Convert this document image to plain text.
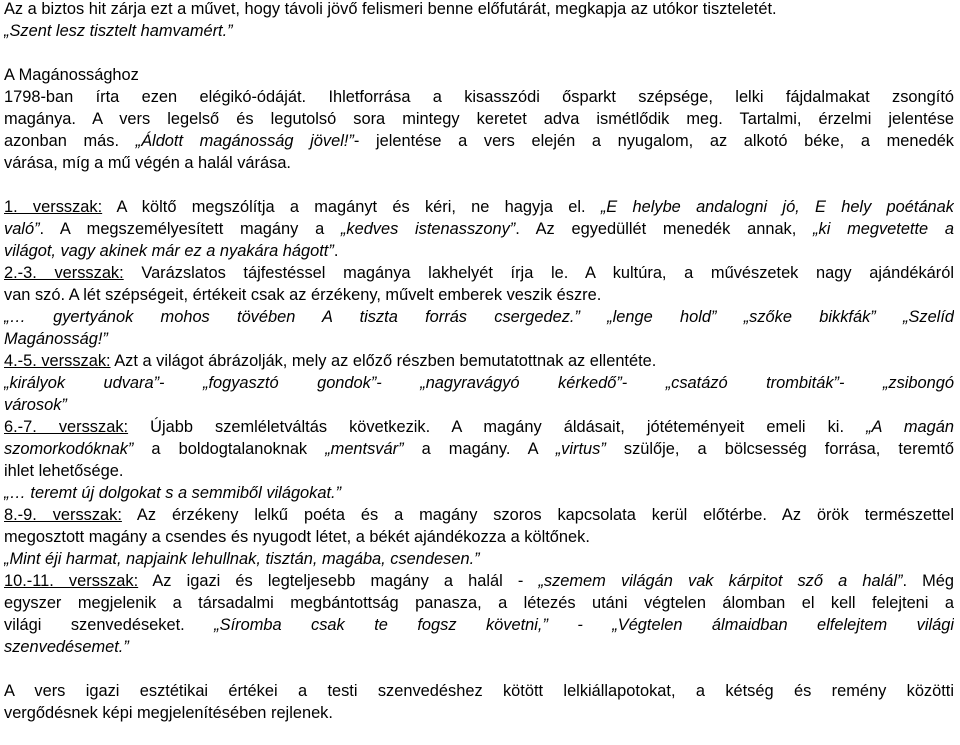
Az a biztos hit zárja ezt a művet, hogy távoli jövő felismeri benne előfutárát, megkapja az utókor tiszteletét.
„Szent lesz tisztelt hamvamért.”
A Magánossághoz
1798-ban írta ezen elégikó-ódáját. Ihletforrása a kisasszódi ősparkt szépsége, lelki fájdalmakat zsongító
magánya. A vers legelső és legutolsó sora mintegy keretet adva ismétlődik meg. Tartalmi, érzelmi jelentése
azonban más. „Áldott magánosság jövel!”- jelentése a vers elején a nyugalom, az alkotó béke, a menedék
várása, míg a mű végén a halál várása.
1. versszak: A költő megszólítja a magányt és kéri, ne hagyja el. „E helybe andalogni jó, E hely poétának
való”. A megszemélyesített magány a „kedves istenasszony”. Az egyedüllét menedék annak, „ki megvetette a
világot, vagy akinek már ez a nyakára hágott”.
2.-3. versszak: Varázslatos tájfestéssel magánya lakhelyét írja le. A kultúra, a művészetek nagy ajándékáról
van szó. A lét szépségeit, értékeit csak az érzékeny, művelt emberek veszik észre.
„… gyertyánok mohos tövében A tiszta forrás csergedez.” „lenge hold” „szőke bikkfák” „Szelíd
Magánosság!”
4.-5. versszak: Azt a világot ábrázolják, mely az előző részben bemutatottnak az ellentéte.
„királyok udvara”- „fogyasztó gondok”- „nagyravágyó kérkedő”- „csatázó trombiták”- „zsibongó
városok”
6.-7. versszak: Újabb szemléletváltás következik. A magány áldásait, jótéteményeit emeli ki. „A magán
szomorkodóknak” a boldogtalanoknak „mentsvár” a magány. A „virtus” szülője, a bölcsesség forrása, teremtő
ihlet lehetősége.
„… teremt új dolgokat s a semmiből világokat.”
8.-9. versszak: Az érzékeny lelkű poéta és a magány szoros kapcsolata kerül előtérbe. Az örök természettel
megosztott magány a csendes és nyugodt létet, a békét ajándékozza a költőnek.
„Mint éji harmat, napjaink lehullnak, tisztán, magába, csendesen.”
10.-11. versszak: Az igazi és legteljesebb magány a halál - „szemem világán vak kárpitot sző a halál”. Még
egyszer megjelenik a társadalmi megbántottság panasza, a létezés utáni végtelen álomban el kell felejteni a
világi szenvedéseket. „Síromba csak te fogsz követni,” - „Végtelen álmaidban elfelejtem világi
szenvedésemet.”
A vers igazi esztétikai értékei a testi szenvedéshez kötött lelkiállapotokat, a kétség és remény közötti
vergődésnek képi megjelenítésében rejlenek.
